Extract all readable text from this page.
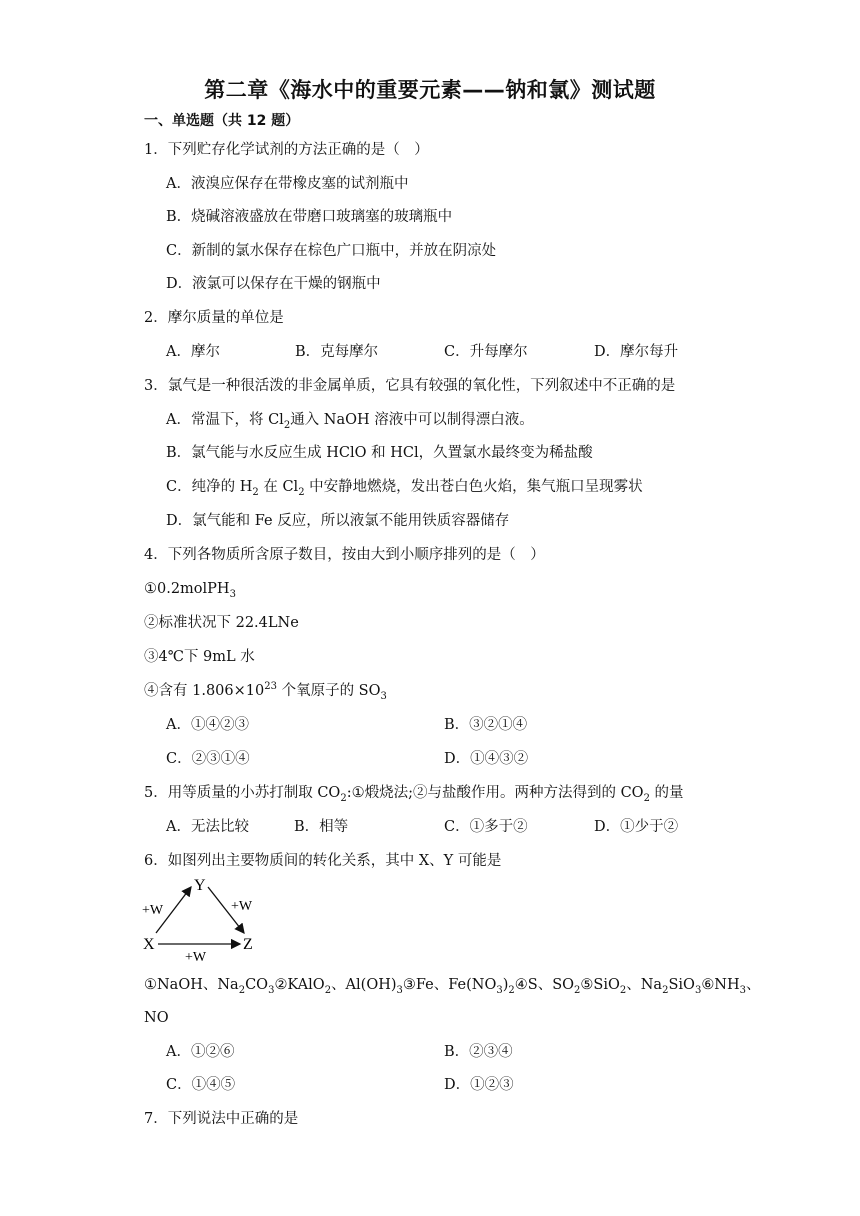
第二章《海水中的重要元素——钠和氯》测试题
一、单选题（共 12 题）
1．下列贮存化学试剂的方法正确的是（　）
A．液溴应保存在带橡皮塞的试剂瓶中
B．烧碱溶液盛放在带磨口玻璃塞的玻璃瓶中
C．新制的氯水保存在棕色广口瓶中，并放在阴凉处
D．液氯可以保存在干燥的钢瓶中
2．摩尔质量的单位是
A．摩尔	B．克每摩尔	C．升每摩尔	D．摩尔每升
3．氯气是一种很活泼的非金属单质，它具有较强的氧化性，下列叙述中不正确的是
A．常温下，将 $Cl_2$通入 NaOH 溶液中可以制得漂白液。
B．氯气能与水反应生成 HClO 和 HCl，久置氯水最终变为稀盐酸
C．纯净的 $H_2$ 在 $Cl_2$ 中安静地燃烧，发出苍白色火焰，集气瓶口呈现雾状
D．氯气能和 Fe 反应，所以液氯不能用铁质容器储存
4．下列各物质所含原子数目，按由大到小顺序排列的是（　）
①0.2molPH$_3$
②标准状况下 22.4LNe
③4℃下 9mL 水
④含有 $1.806\times 10^{23}$ 个氧原子的 $SO_3$
A．①④②③	B．③②①④
C．②③①④	D．①④③②
5．用等质量的小苏打制取 $CO_2:①$煅烧法;②与盐酸作用。两种方法得到的 $CO_2$ 的量
A．无法比较	B．相等	C．①多于②	D．①少于②
6．如图列出主要物质间的转化关系，其中 X、Y 可能是
Y
X	Z
+W	+W
+W
①NaOH、$Na_2CO_3②KAlO_2$、$Al(OH)_3③Fe$、$Fe(NO_3)_2④S$、$SO_2⑤SiO_2$、$Na_2SiO_3⑥NH_3$、
NO
A．①②⑥	B．②③④
C．①④⑤	D．①②③
7．下列说法中正确的是
